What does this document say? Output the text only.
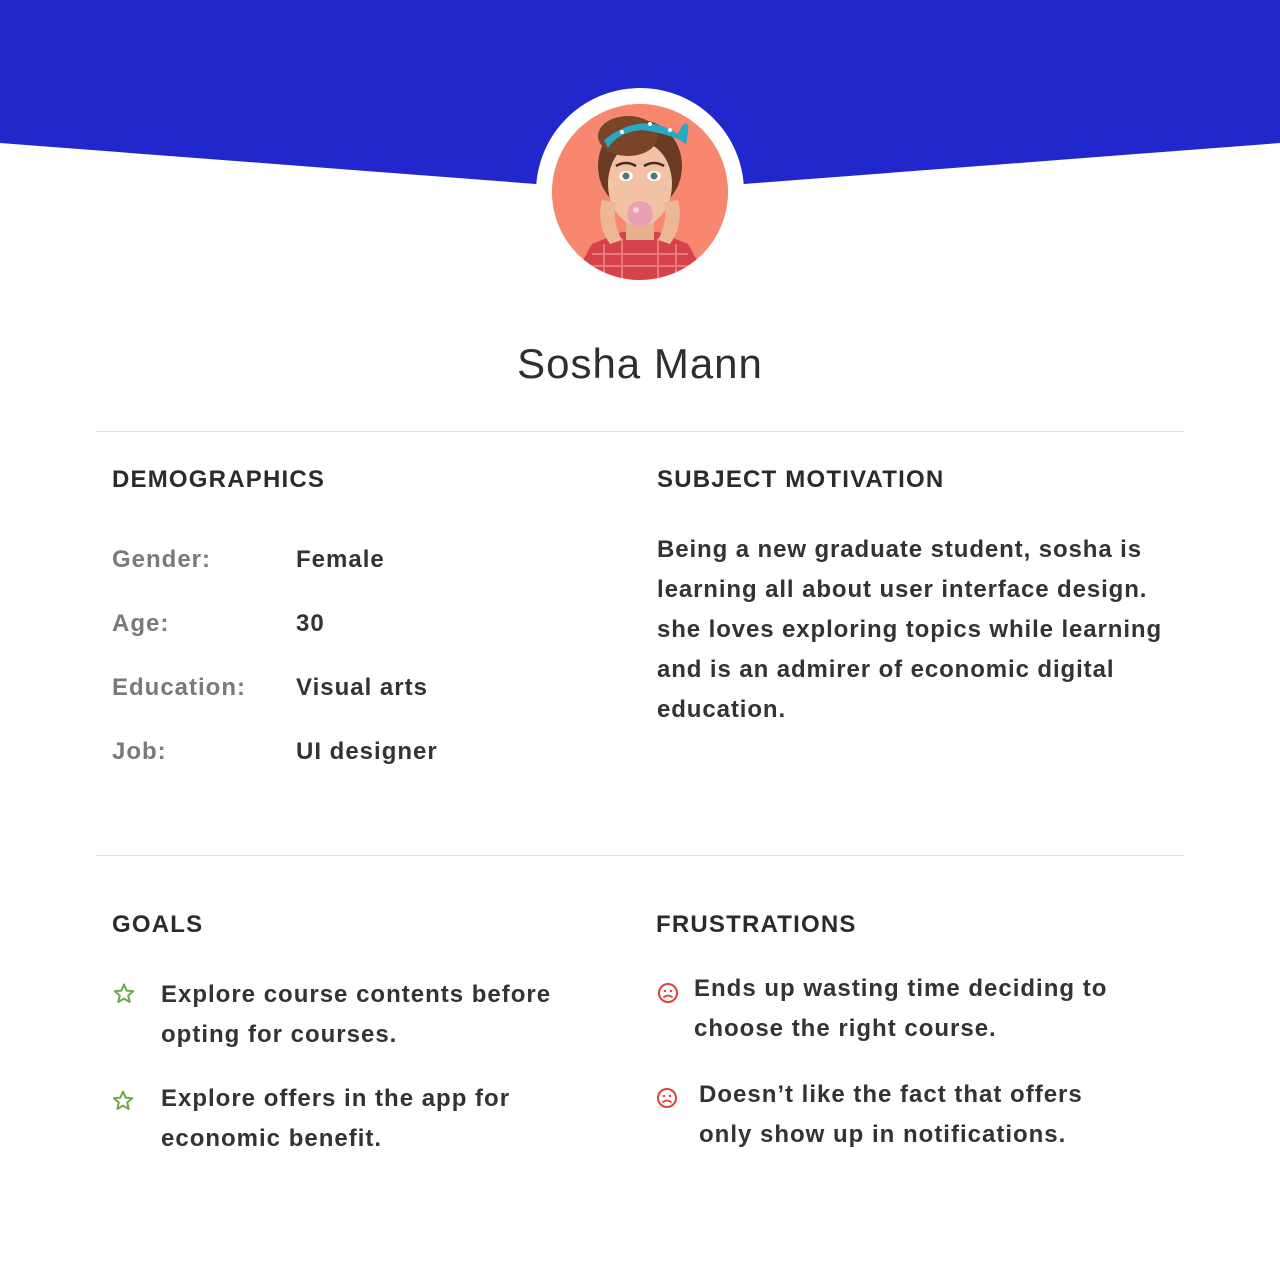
Sosha Mann
DEMOGRAPHICS
Gender:	Female
Age:	30
Education: Visual arts
Job:	UI designer
SUBJECT MOTIVATION

Being a new graduate student, sosha is learning all about user interface design. she loves exploring topics while learning and is an admirer of economic digital education.

GOALS
Explore course contents before opting for courses.
Explore offers in the app for economic benefit.
FRUSTRATIONS
Ends up wasting time deciding to choose the right course.
Doesn’t like the fact that offers only show up in notifications.
